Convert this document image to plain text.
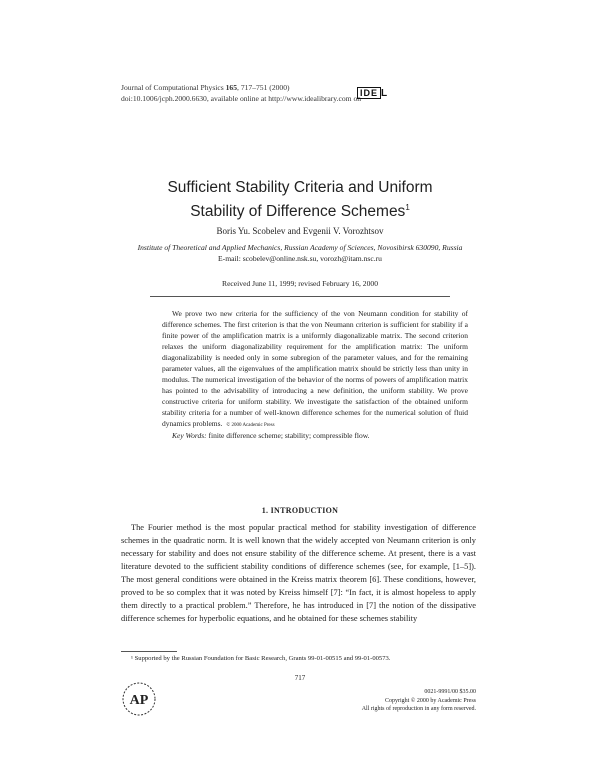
Journal of Computational Physics 165, 717–751 (2000)
doi:10.1006/jcph.2000.6630, available online at http://www.idealibrary.com on
IDE L
Sufficient Stability Criteria and Uniform
Stability of Difference Schemes$^1$
Boris Yu. Scobelev and Evgenii V. Vorozhtsov
Institute of Theoretical and Applied Mechanics, Russian Academy of Sciences, Novosibirsk 630090, Russia
E-mail: scobelev@online.nsk.su, vorozh@itam.nsc.ru
Received June 11, 1999; revised February 16, 2000

We prove two new criteria for the sufficiency of the von Neumann condition for stability of difference schemes. The first criterion is that the von Neumann criterion is sufficient for stability if a finite power of the amplification matrix is a uniformly diagonalizable matrix. The second criterion relaxes the uniform diagonalizability requirement for the amplification matrix: The uniform diagonalizability is needed only in some subregion of the parameter values, and for the remaining parameter values, all the eigenvalues of the amplification matrix should be strictly less than unity in modulus. The numerical investigation of the behavior of the norms of powers of amplification matrix has pointed to the advisability of introducing a new definition, the uniform stability. We prove constructive criteria for uniform stability. We investigate the satisfaction of the obtained uniform stability criteria for a number of well-known difference schemes for the numerical solution of fluid dynamics problems. © 2000 Academic Press

Key Words: finite difference scheme; stability; compressible flow.
1. INTRODUCTION

The Fourier method is the most popular practical method for stability investigation of difference schemes in the quadratic norm. It is well known that the widely accepted von Neumann criterion is only necessary for stability and does not ensure stability of the difference scheme. At present, there is a vast literature devoted to the sufficient stability conditions of difference schemes (see, for example, [1–5]). The most general conditions were obtained in the Kreiss matrix theorem [6]. These conditions, however, proved to be so complex that it was noted by Kreiss himself [7]: “In fact, it is almost hopeless to apply them directly to a practical problem.” Therefore, he has introduced in [7] the notion of the dissipative difference schemes for hyperbolic equations, and he obtained for these schemes stability

¹ Supported by the Russian Foundation for Basic Research, Grants 99-01-00515 and 99-01-00573.
717
AP
0021-9991/00 $35.00
Copyright © 2000 by Academic Press
All rights of reproduction in any form reserved.
